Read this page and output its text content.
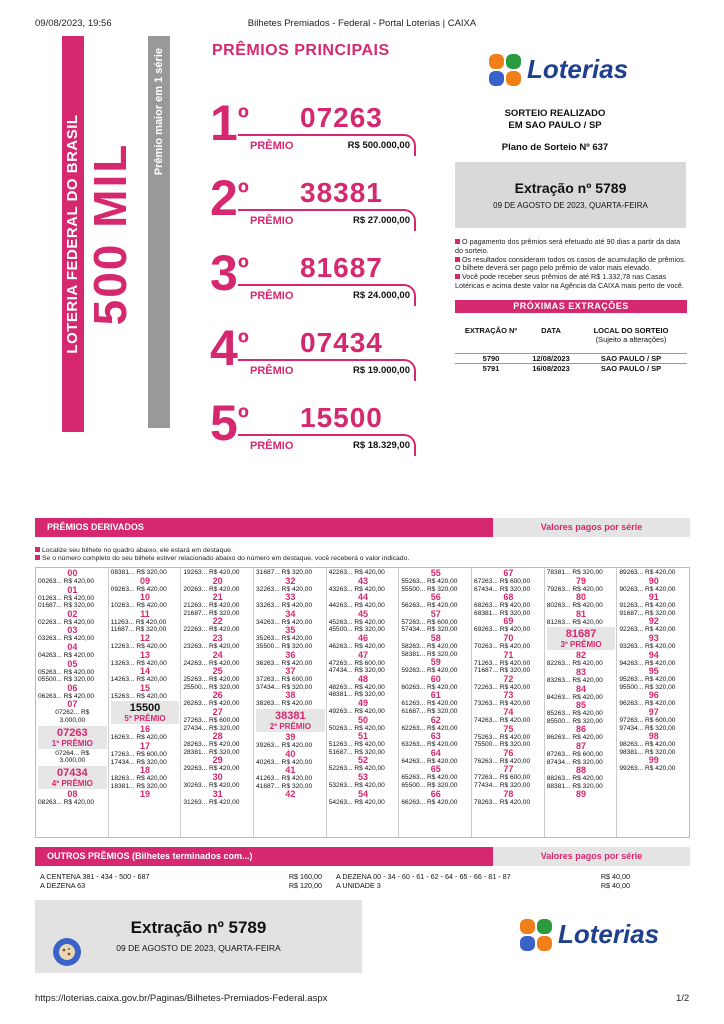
09/08/2023, 19:56	Bilhetes Premiados - Federal - Portal Loterias | CAIXA
LOTERIA FEDERAL DO BRASIL 500 MIL
Prêmio maior em 1 série	PRÊMIOS PRINCIPAIS
$1^º$ 07263
PRÊMIO	R$ 500.000,00
$2^º$ 38381
PRÊMIO	R$ 27.000,00
$3^º$ 81687
PRÊMIO	R$ 24.000,00
$4^º$ 07434
PRÊMIO	R$ 19.000,00
$5^º$ 15500
PRÊMIO	R$ 18.329,00
Loterias
SORTEIO REALIZADO
EM SAO PAULO / SP
Plano de Sorteio Nº 637
Extração nº 5789
09 DE AGOSTO DE 2023, QUARTA-FEIRA
O pagamento dos prêmios será efetuado até 90 dias a partir da data do sorteio.
Os resultados consideram todos os casos de acumulação de prêmios. O bilhete deverá ser pago pelo prêmio de valor mais elevado.
Você pode receber seus prêmios de até R$ 1.332,78 nas Casas Lotéricas e acima deste valor na Agência da CAIXA mais perto de você.
PRÓXIMAS EXTRAÇÕES
EXTRAÇÃO Nº	DATA	LOCAL DO SORTEIO
(Sujeito a alterações)
5790	12/08/2023	SAO PAULO / SP
5791	16/08/2023	SAO PAULO / SP
PRÊMIOS DERIVADOS	Valores pagos por série
Localize seu bilhete no quadro abaixo, ele estará em destaque.
Se o número completo do seu bilhete estiver relacionado abaixo do número em destaque, você receberá o valor indicado.
00
00263... R$ 420,00
01
01263... R$ 420,00
01687... R$ 320,00
02
02263... R$ 420,00
03
03263... R$ 420,00
04
04263... R$ 420,00
05
05263... R$ 420,00
05500... R$ 320,00
06
06263... R$ 420,00
07
07262... R$
3.000,00
07263
1º PRÊMIO
07264... R$
3.000,00
07434
4º PRÊMIO
08
08263... R$ 420,00
08381... R$ 320,00
09
09263... R$ 420,00
10
10263... R$ 420,00
11
11263... R$ 420,00
11687... R$ 320,00
12
12263... R$ 420,00
13
13263... R$ 420,00
14
14263... R$ 420,00
15
15263... R$ 420,00
15500
5º PRÊMIO
16
16263... R$ 420,00
17
17263... R$ 600,00
17434... R$ 320,00
18
18263... R$ 420,00
18381... R$ 320,00
19
19263... R$ 420,00
20
20263... R$ 420,00
21
21263... R$ 420,00
21687... R$ 320,00
22
22263... R$ 420,00
23
23263... R$ 420,00
24
24263... R$ 420,00
25
25263... R$ 420,00
25500... R$ 320,00
26
26263... R$ 420,00
27
27263... R$ 600,00
27434... R$ 320,00
28
28263... R$ 420,00
28381... R$ 320,00
29
29263... R$ 420,00
30
30263... R$ 420,00
31
31263... R$ 420,00
31687... R$ 320,00
32
32263... R$ 420,00
33
33263... R$ 420,00
34
34263... R$ 420,00
35
35263... R$ 420,00
35500... R$ 320,00
36
36263... R$ 420,00
37
37263... R$ 600,00
37434... R$ 320,00
38
38263... R$ 420,00
38381
2º PRÊMIO
39
39263... R$ 420,00
40
40263... R$ 420,00
41
41263... R$ 420,00
41687... R$ 320,00
42
42263... R$ 420,00
43
43263... R$ 420,00
44
44263... R$ 420,00
45
45263... R$ 420,00
45500... R$ 320,00
46
46263... R$ 420,00
47
47263... R$ 600,00
47434... R$ 320,00
48
48263... R$ 420,00
48381... R$ 320,00
49
49263... R$ 420,00
50
50263... R$ 420,00
51
51263... R$ 420,00
51687... R$ 320,00
52
52263... R$ 420,00
53
53263... R$ 420,00
54
54263... R$ 420,00
55
55263... R$ 420,00
55500... R$ 320,00
56
56263... R$ 420,00
57
57263... R$ 600,00
57434... R$ 320,00
58
58263... R$ 420,00
58381... R$ 320,00
59
59263... R$ 420,00
60
60263... R$ 420,00
61
61263... R$ 420,00
61687... R$ 320,00
62
62263... R$ 420,00
63
63263... R$ 420,00
64
64263... R$ 420,00
65
65263... R$ 420,00
65500... R$ 320,00
66
66263... R$ 420,00
67
67263... R$ 600,00
67434... R$ 320,00
68
68263... R$ 420,00
68381... R$ 320,00
69
69263... R$ 420,00
70
70263... R$ 420,00
71
71263... R$ 420,00
71687... R$ 320,00
72
72263... R$ 420,00
73
73263... R$ 420,00
74
74263... R$ 420,00
75
75263... R$ 420,00
75500... R$ 320,00
76
76263... R$ 420,00
77
77263... R$ 600,00
77434... R$ 320,00
78
78263... R$ 420,00
78381... R$ 320,00
79
79263... R$ 420,00
80
80263... R$ 420,00
81
81263... R$ 420,00
81687
3º PRÊMIO
82
82263... R$ 420,00
83
83263... R$ 420,00
84
84263... R$ 420,00
85
85263... R$ 420,00
85500... R$ 320,00
86
86263... R$ 420,00
87
87263... R$ 600,00
87434... R$ 320,00
88
88263... R$ 420,00
88381... R$ 320,00
89
89263... R$ 420,00
90
90263... R$ 420,00
91
91263... R$ 420,00
91687... R$ 320,00
92
92263... R$ 420,00
93
93263... R$ 420,00
94
94263... R$ 420,00
95
95263... R$ 420,00
95500... R$ 320,00
96
96263... R$ 420,00
97
97263... R$ 600,00
97434... R$ 320,00
98
98263... R$ 420,00
98381... R$ 320,00
99
99263... R$ 420,00
OUTROS PRÊMIOS (Bilhetes terminados com...)	Valores pagos por série
A CENTENA 381 - 434 - 500 - 687	R$ 160,00	A DEZENA 00 - 34 - 60 - 61 - 62 - 64 - 65 - 66 - 81 - 87	R$ 40,00
A DEZENA 63	R$ 120,00	A UNIDADE 3	R$ 40,00
Extração nº 5789
09 DE AGOSTO DE 2023, QUARTA-FEIRA	Loterias
https://loterias.caixa.gov.br/Paginas/Bilhetes-Premiados-Federal.aspx	1/2
